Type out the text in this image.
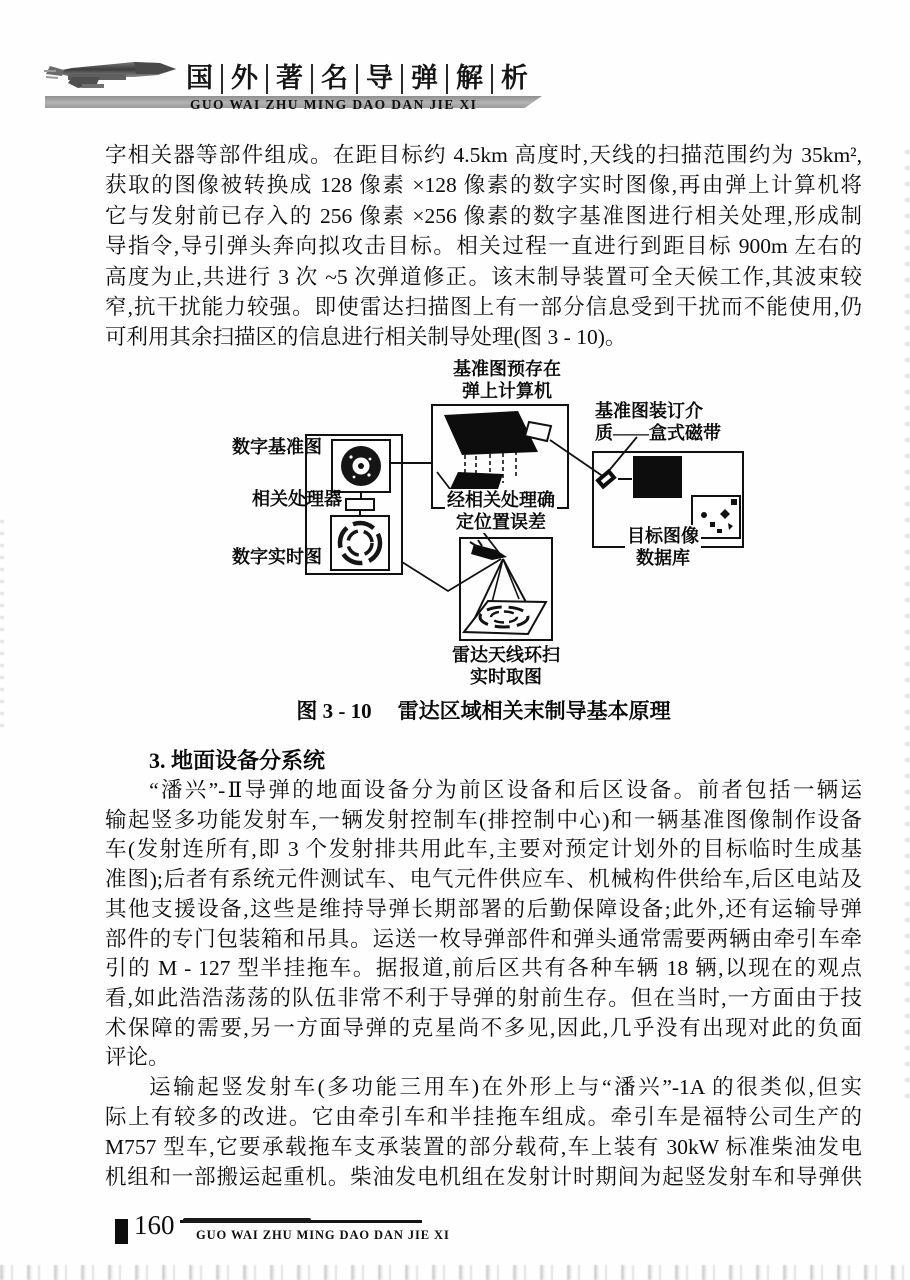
国 外 著 名 导 弹 解 析
GUO WAI ZHU MING DAO DAN JIE XI
字相关器等部件组成。在距目标约 4.5km 高度时,天线的扫描范围约为 35km²,
获取的图像被转换成 128 像素 ×128 像素的数字实时图像,再由弹上计算机将
它与发射前已存入的 256 像素 ×256 像素的数字基准图进行相关处理,形成制
导指令,导引弹头奔向拟攻击目标。相关过程一直进行到距目标 900m 左右的
高度为止,共进行 3 次 ~5 次弹道修正。该末制导装置可全天候工作,其波束较
窄,抗干扰能力较强。即使雷达扫描图上有一部分信息受到干扰而不能使用,仍
可利用其余扫描区的信息进行相关制导处理(图 3 - 10)。
基准图预存在
弹上计算机
数字基准图
相关处理器
数字实时图
经相关处理确
定位置误差
基准图装订介
质——盒式磁带
目标图像
数据库
雷达天线环扫
实时取图
图 3 - 10 雷达区域相关末制导基本原理
3. 地面设备分系统
“潘兴”-Ⅱ导弹的地面设备分为前区设备和后区设备。前者包括一辆运
输起竖多功能发射车,一辆发射控制车(排控制中心)和一辆基准图像制作设备
车(发射连所有,即 3 个发射排共用此车,主要对预定计划外的目标临时生成基
准图);后者有系统元件测试车、电气元件供应车、机械构件供给车,后区电站及
其他支援设备,这些是维持导弹长期部署的后勤保障设备;此外,还有运输导弹
部件的专门包装箱和吊具。运送一枚导弹部件和弹头通常需要两辆由牵引车牵
引的 M - 127 型半挂拖车。据报道,前后区共有各种车辆 18 辆,以现在的观点
看,如此浩浩荡荡的队伍非常不利于导弹的射前生存。但在当时,一方面由于技
术保障的需要,另一方面导弹的克星尚不多见,因此,几乎没有出现对此的负面
评论。
运输起竖发射车(多功能三用车)在外形上与“潘兴”-1A 的很类似,但实
际上有较多的改进。它由牵引车和半挂拖车组成。牵引车是福特公司生产的
M757 型车,它要承载拖车支承装置的部分载荷,车上装有 30kW 标准柴油发电
机组和一部搬运起重机。柴油发电机组在发射计时期间为起竖发射车和导弹供
160 GUO WAI ZHU MING DAO DAN JIE XI
